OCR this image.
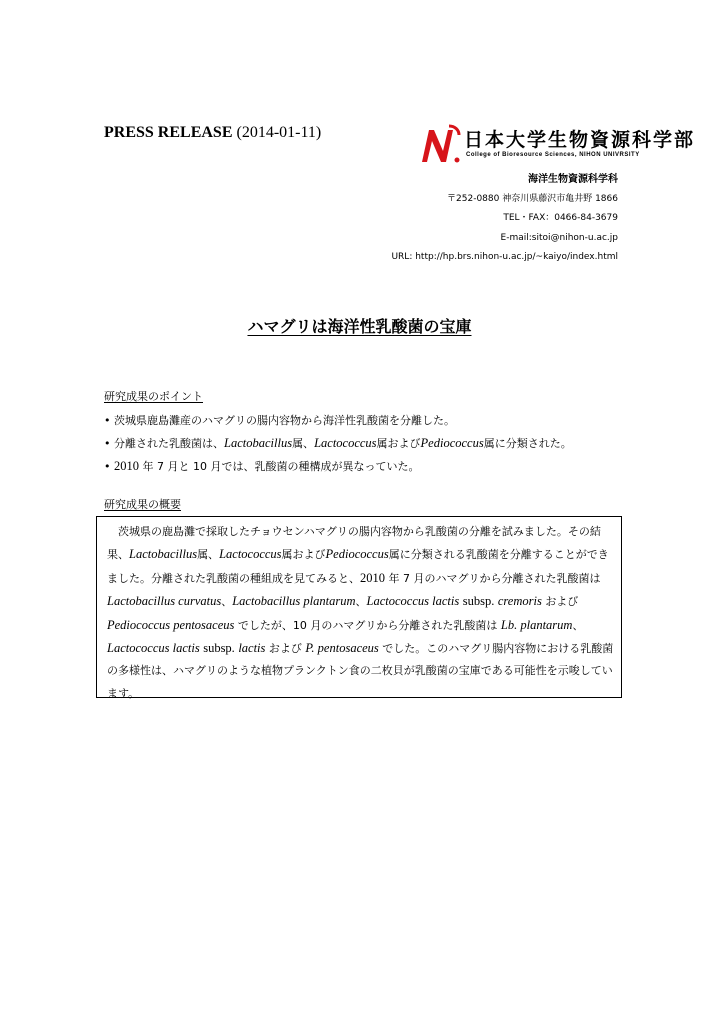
PRESS RELEASE (2014-01-11)	日本大学生物資源科学部
College of Bioresource Sciences, NIHON UNIVRSITY
海洋生物資源科学科
〒252-0880 神奈川県藤沢市亀井野 1866
TEL・FAX：0466-84-3679
E-mail:sitoi@nihon-u.ac.jp
URL: http://hp.brs.nihon-u.ac.jp/~kaiyo/index.html
ハマグリは海洋性乳酸菌の宝庫
研究成果のポイント
• 茨城県鹿島灘産のハマグリの腸内容物から海洋性乳酸菌を分離した。
• 分離された乳酸菌は、Lactobacillus属、Lactococcus属およびPediococcus属に分類された。
• 2010 年 7 月と 10 月では、乳酸菌の種構成が異なっていた。
研究成果の概要

茨城県の鹿島灘で採取したチョウセンハマグリの腸内容物から乳酸菌の分離を試みました。その結果、Lactobacillus属、Lactococcus属およびPediococcus属に分類される乳酸菌を分離することができました。分離された乳酸菌の種組成を見てみると、2010 年 7 月のハマグリから分離された乳酸菌はLactobacillus curvatus、Lactobacillus plantarum、Lactococcus lactis subsp. cremoris および Pediococcus pentosaceus でしたが、10 月のハマグリから分離された乳酸菌は Lb. plantarum、Lactococcus lactis subsp. lactis および P. pentosaceus でした。このハマグリ腸内容物における乳酸菌の多様性は、ハマグリのような植物プランクトン食の二枚貝が乳酸菌の宝庫である可能性を示唆しています。
